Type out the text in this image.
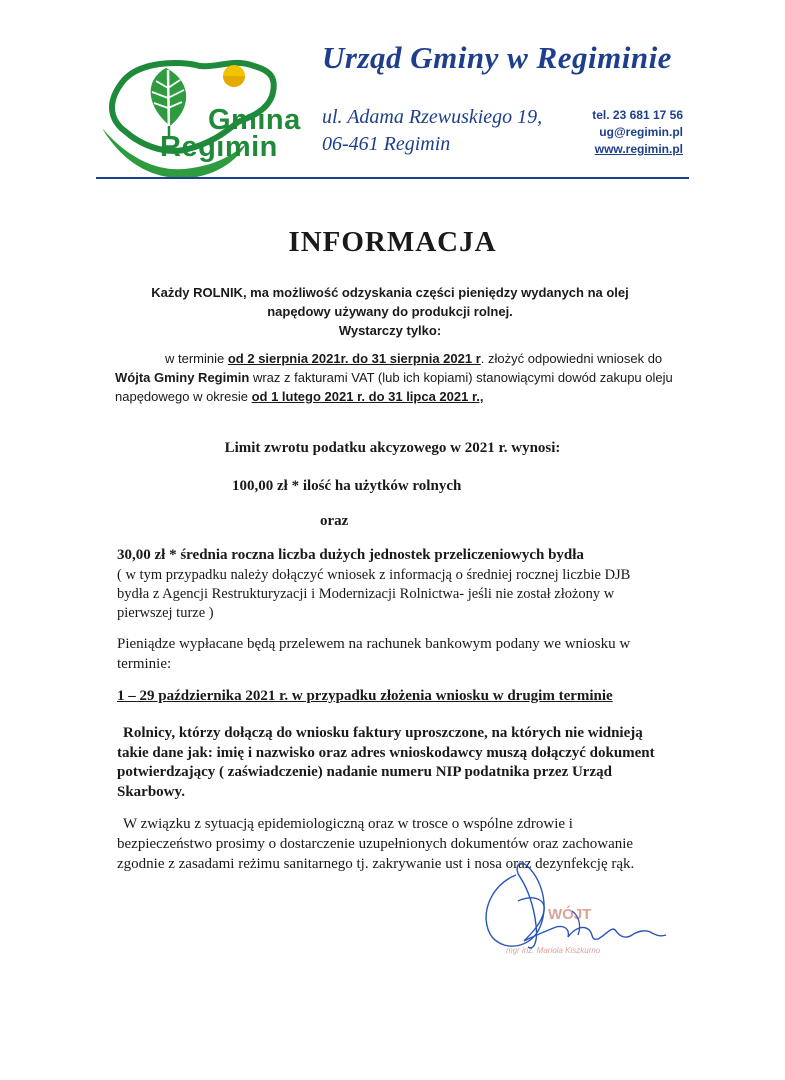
Gmina
Regimin
Urząd Gminy w Regiminie
ul. Adama Rzewuskiego 19,
06-461 Regimin
tel. 23 681 17 56
ug@regimin.pl
www.regimin.pl
INFORMACJA
Każdy ROLNIK, ma możliwość odzyskania części pieniędzy wydanych na olej
napędowy używany do produkcji rolnej.
Wystarczy tylko:
w terminie od 2 sierpnia 2021r. do 31 sierpnia 2021 r. złożyć odpowiedni wniosek do Wójta Gminy Regimin wraz z fakturami VAT (lub ich kopiami) stanowiącymi dowód zakupu oleju napędowego w okresie od 1 lutego 2021 r. do 31 lipca 2021 r.,
Limit zwrotu podatku akcyzowego w 2021 r. wynosi:
100,00 zł * ilość ha użytków rolnych
oraz
30,00 zł * średnia roczna liczba dużych jednostek przeliczeniowych bydła
( w tym przypadku należy dołączyć wniosek z informacją o średniej rocznej liczbie DJB bydła z Agencji Restrukturyzacji i Modernizacji Rolnictwa- jeśli nie został złożony w pierwszej turze )
Pieniądze wypłacane będą przelewem na rachunek bankowym podany we wniosku w terminie:
1 – 29 października 2021 r. w przypadku złożenia wniosku w drugim terminie
Rolnicy, którzy dołączą do wniosku faktury uproszczone, na których nie widnieją takie dane jak: imię i nazwisko oraz adres wnioskodawcy muszą dołączyć dokument potwierdzający ( zaświadczenie) nadanie numeru NIP podatnika przez Urząd Skarbowy.
W związku z sytuacją epidemiologiczną oraz w trosce o wspólne zdrowie i bezpieczeństwo prosimy o dostarczenie uzupełnionych dokumentów oraz zachowanie zgodnie z zasadami reżimu sanitarnego tj. zakrywanie ust i nosa oraz dezynfekcję rąk.
WÓJT
mgr inż. Mariola Kiszkurno
